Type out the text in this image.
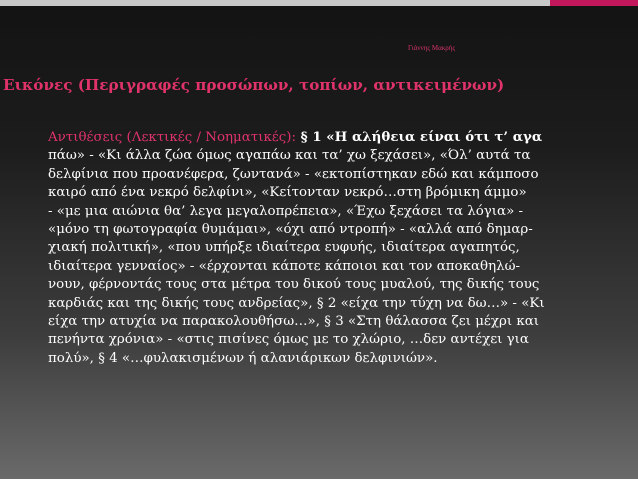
Γιάννης Μακρής
Εικόνες (Περιγραφές προσώπων, τοπίων, αντικειμένων)

Αντιθέσεις (Λεκτικές / Νοηματικές): § 1 «Η αλήθεια είναι ότι τ’ αγα
πάω» - «Κι άλλα ζώα όμως αγαπάω και τα’ χω ξεχάσει», «Όλ’ αυτά τα
δελφίνια που προανέφερα, ζωντανά» - «εκτοπίστηκαν εδώ και κάμποσο
καιρό από ένα νεκρό δελφίνι», «Κείτονταν νεκρό…στη βρόμικη άμμο»
- «με μια αιώνια θα’ λεγα μεγαλοπρέπεια», «Έχω ξεχάσει τα λόγια» -
«μόνο τη φωτογραφία θυμάμαι», «όχι από ντροπή» - «αλλά από δημαρ-
χιακή πολιτική», «που υπήρξε ιδιαίτερα ευφυής, ιδιαίτερα αγαπητός,
ιδιαίτερα γενναίος» - «έρχονται κάποτε κάποιοι και τον αποκαθηλώ-
νουν, φέρνοντάς τους στα μέτρα του δικού τους μυαλού, της δικής τους
καρδιάς και της δικής τους ανδρείας», § 2 «είχα την τύχη να δω…» - «Κι
είχα την ατυχία να παρακολουθήσω…», § 3 «Στη θάλασσα ζει μέχρι και
πενήντα χρόνια» - «στις πισίνες όμως με το χλώριο, …δεν αντέχει για
πολύ», § 4 «…φυλακισμένων ή αλανιάρικων δελφινιών».
